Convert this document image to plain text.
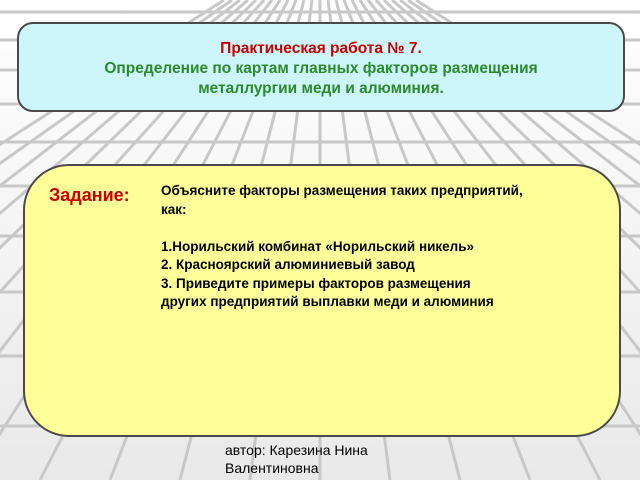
Практическая работа № 7.
Определение по картам главных факторов размещения
металлургии меди и алюминия.
Задание: Объясните факторы размещения таких предприятий,
как:
1.Норильский комбинат «Норильский никель»
2. Красноярский алюминиевый завод
3. Приведите примеры факторов размещения
других предприятий выплавки меди и алюминия
автор: Карезина Нина
Валентиновна
